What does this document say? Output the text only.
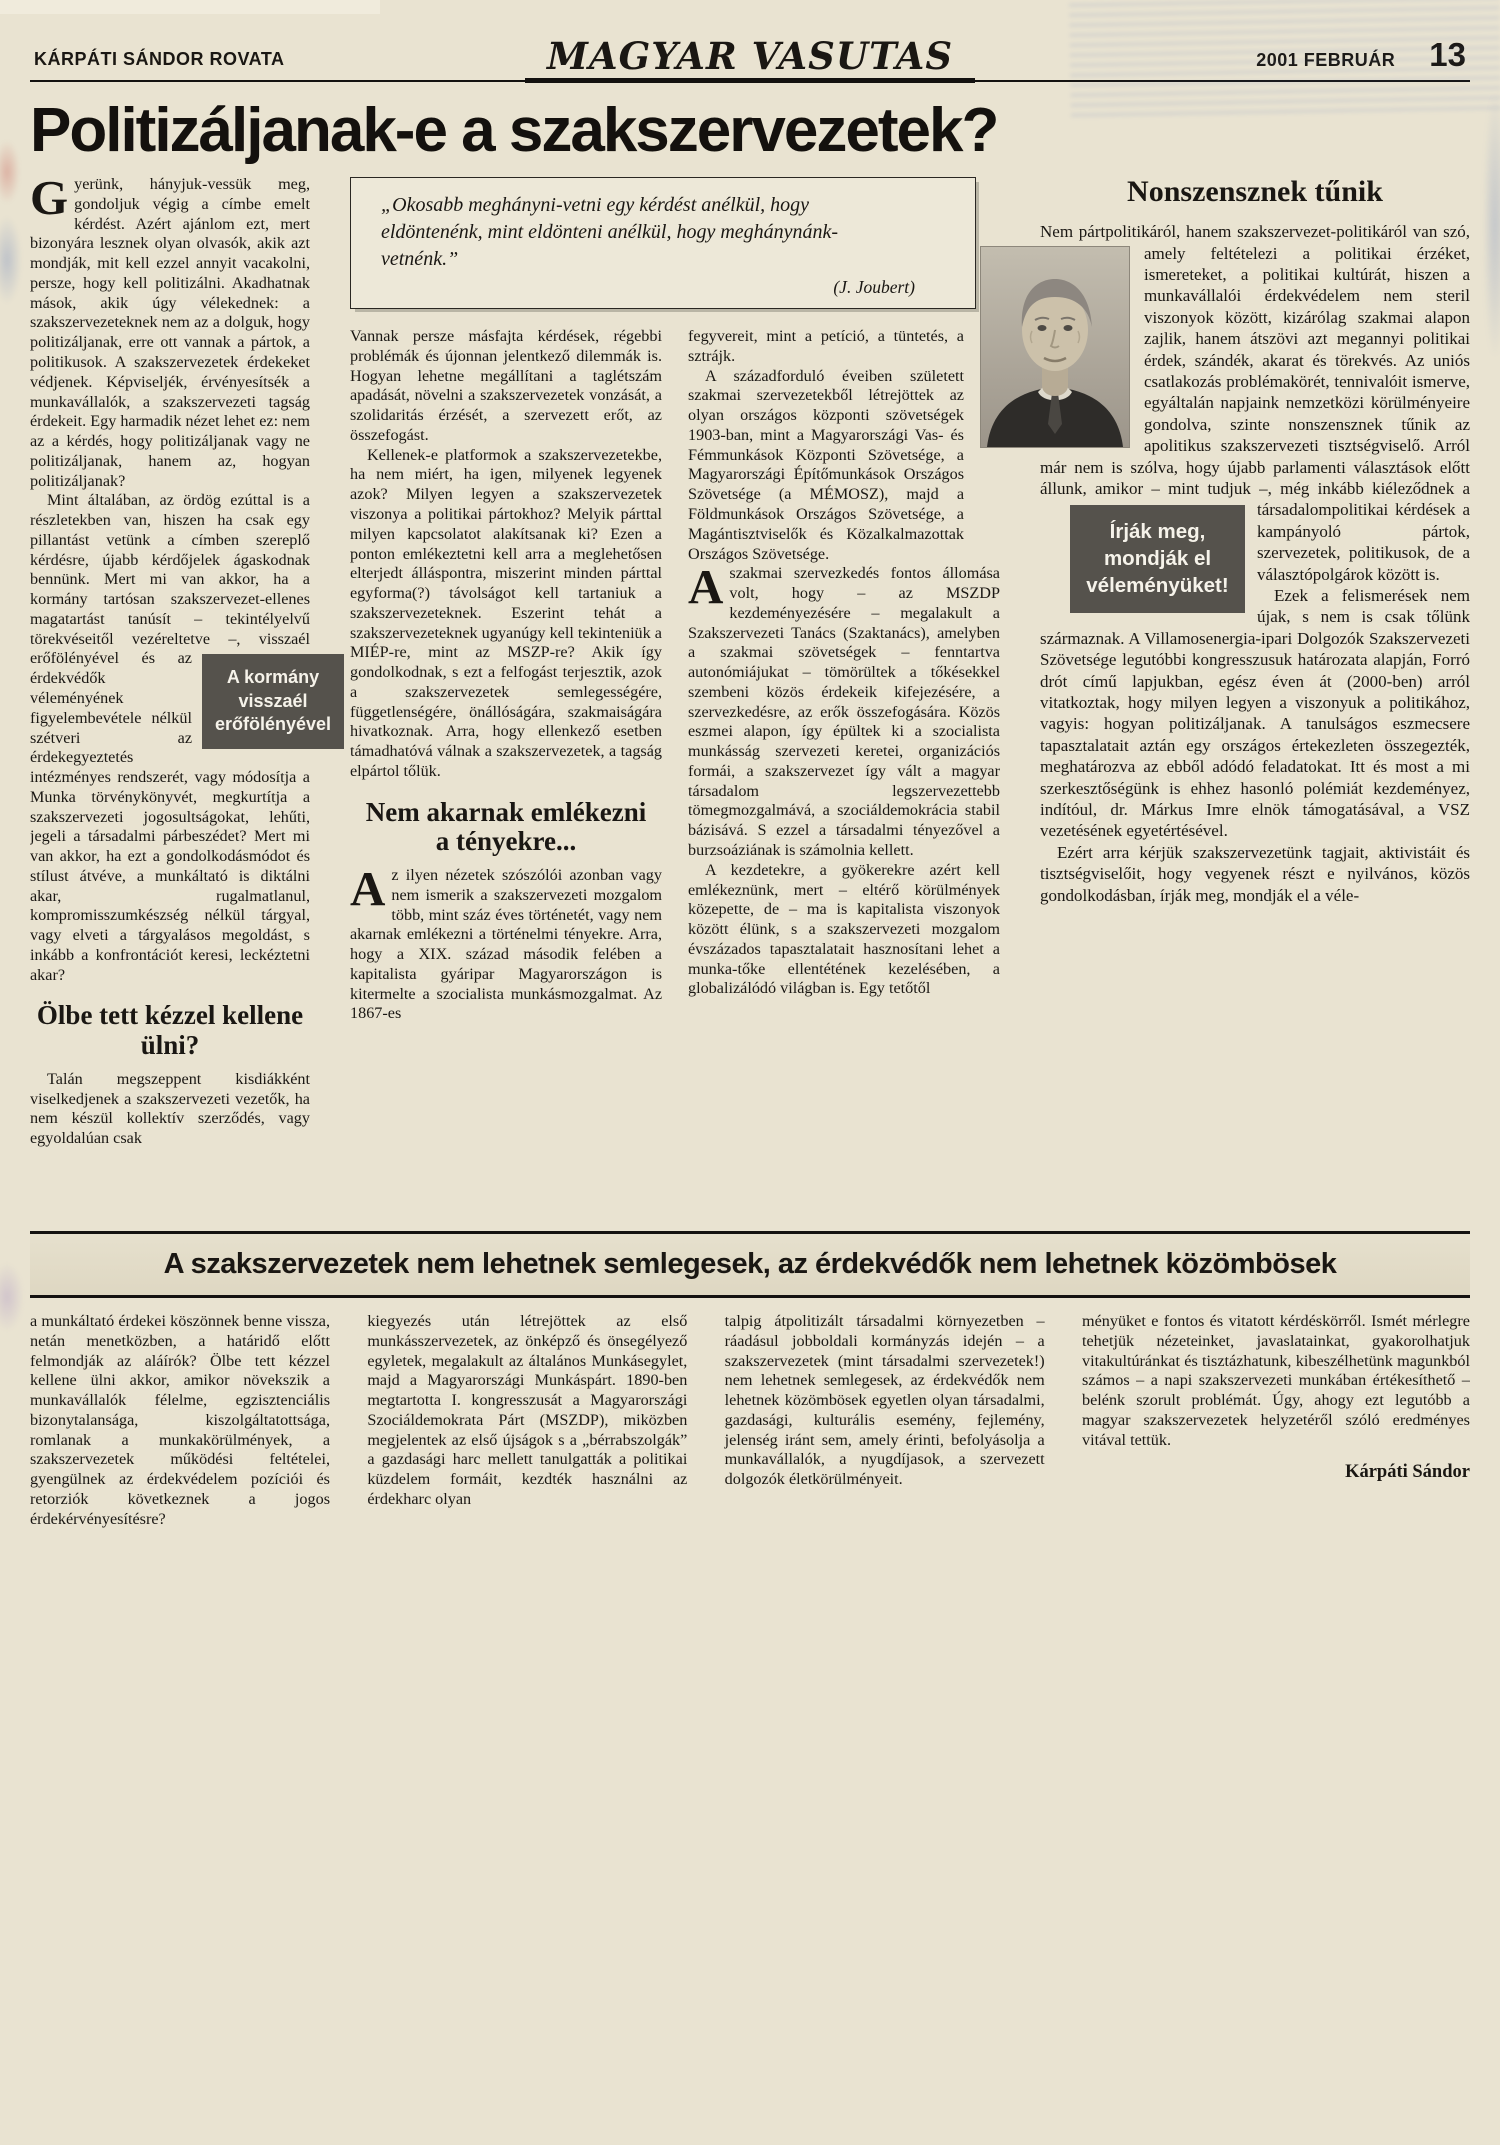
KÁRPÁTI SÁNDOR ROVATA	MAGYAR VASUTAS	2001 FEBRUÁR 13
Politizáljanak-e a szakszervezetek?

Gyerünk, hányjuk-vessük meg, gondoljuk végig a címbe emelt kérdést. Azért ajánlom ezt, mert bizonyára lesznek olyan olvasók, akik azt mondják, mit kell ezzel annyit vacakolni, persze, hogy kell politizálni. Akadhatnak mások, akik úgy vélekednek: a szakszervezeteknek nem az a dolguk, hogy politizáljanak, erre ott vannak a pártok, a politikusok. A szakszervezetek érdekeket védjenek. Képviseljék, érvényesítsék a munkavállalók, a szakszervezeti tagság érdekeit. Egy harmadik nézet lehet ez: nem az a kérdés, hogy politizáljanak vagy ne politizáljanak, hanem az, hogyan politizáljanak?

Mint általában, az ördög ezúttal is a részletekben van, hiszen ha csak egy pillantást vetünk a címben szereplő kérdésre, újabb kérdőjelek ágaskodnak bennünk. Mert mi van akkor, ha a kormány tartósan szakszervezet-ellenes magatartást tanúsít – tekintélyelvű törekvéseitől vezéreltetve –,
A kormány visszaél erőfölényével
visszaél erőfölényével és az érdekvédők véleményének figyelembevétele nélkül szétveri az érdekegyeztetés intézményes rendszerét, vagy módosítja a Munka törvénykönyvét, megkurtítja a szakszervezeti jogosultságokat, lehűti, jegeli a társadalmi párbeszédet? Mert mi van akkor, ha ezt a gondolkodásmódot és stílust átvéve, a munkáltató is diktálni akar, rugalmatlanul, kompromisszumkészség nélkül tárgyal, vagy elveti a tárgyalásos megoldást, s inkább a konfrontációt keresi, leckéztetni akar?

Ölbe tett kézzel kellene ülni?

Talán megszeppent kisdiákként viselkedjenek a szakszervezeti vezetők, ha nem készül kollektív szerződés, vagy egyoldalúan csak

„Okosabb meghányni-vetni egy kérdést anélkül, hogy eldöntenénk, mint eldönteni anélkül, hogy meghánynánk-vetnénk.”
(J. Joubert)

Vannak persze másfajta kérdések, régebbi problémák és újonnan jelentkező dilemmák is. Hogyan lehetne megállítani a taglétszám apadását, növelni a szakszervezetek vonzását, a szolidaritás érzését, a szervezett erőt, az összefogást.

Kellenek-e platformok a szakszervezetekbe, ha nem miért, ha igen, milyenek legyenek azok? Milyen legyen a szakszervezetek viszonya a politikai pártokhoz? Melyik párttal milyen kapcsolatot alakítsanak ki? Ezen a ponton emlékeztetni kell arra a meglehetősen elterjedt álláspontra, miszerint minden párttal egyforma(?) távolságot kell tartaniuk a szakszervezeteknek. Eszerint tehát a szakszervezeteknek ugyanúgy kell tekinteniük a MIÉP-re, mint az MSZP-re? Akik így gondolkodnak, s ezt a felfogást terjesztik, azok a szakszervezetek semlegességére, függetlenségére, önállóságára, szakmaiságára hivatkoznak. Arra, hogy ellenkező esetben támadhatóvá válnak a szakszervezetek, a tagság elpártol tőlük.

Nem akarnak emlékezni a tényekre...

Az ilyen nézetek szószólói azonban vagy nem ismerik a szakszervezeti mozgalom több, mint száz éves történetét, vagy nem akarnak emlékezni a történelmi tényekre. Arra, hogy a XIX. század második felében a kapitalista gyáripar Magyarországon is kitermelte a szocialista munkásmozgalmat. Az 1867-es

fegyvereit, mint a petíció, a tüntetés, a sztrájk.

A századforduló éveiben született szakmai szervezetekből létrejöttek az olyan országos központi szövetségek 1903-ban, mint a Magyarországi Vas- és Fémmunkások Központi Szövetsége, a Magyarországi Építőmunkások Országos Szövetsége (a MÉMOSZ), majd a Földmunkások Országos Szövetsége, a Magántisztviselők és Közalkalmazottak Országos Szövetsége.

Aszakmai szervezkedés fontos állomása volt, hogy – az MSZDP kezdeményezésére – megalakult a Szakszervezeti Tanács (Szaktanács), amelyben a szakmai szövetségek – fenntartva autonómiájukat – tömörültek a tőkésekkel szembeni közös érdekeik kifejezésére, a szervezkedésre, az erők összefogására. Közös eszmei alapon, így épültek ki a szocialista munkásság szervezeti keretei, organizációs formái, a szakszervezet így vált a magyar társadalom legszervezettebb tömegmozgalmává, a szociáldemokrácia stabil bázisává. S ezzel a társadalmi tényezővel a burzsoáziának is számolnia kellett.

A kezdetekre, a gyökerekre azért kell emlékeznünk, mert – eltérő körülmények közepette, de – ma is kapitalista viszonyok között élünk, s a szakszervezeti mozgalom évszázados tapasztalatait hasznosítani lehet a munka-tőke ellentétének kezelésében, a globalizálódó világban is. Egy tetőtől

Nonszensznek tűnik

Nem pártpolitikáról, hanem szakszervezet-politikáról van szó,
amely feltételezi a politikai érzéket, ismereteket, a politikai kultúrát, hiszen a munkavállalói érdekvédelem nem steril viszonyok között, kizárólag szakmai alapon zajlik, hanem átszövi azt megannyi politikai érdek, szándék, akarat és törekvés. Az uniós csatlakozás problémakörét, tennivalóit ismerve, egyáltalán napjaink nemzetközi körülményeire gondolva, szinte nonszensznek tűnik az apolitikus szakszervezeti tisztségviselő. Arról már nem is szólva, hogy újabb parlamenti választások előtt állunk, amikor – mint tudjuk –, még inkább kiéleződnek a társadalompolitikai kérdések
Írják meg, mondják el véleményüket!
a kampányoló pártok, szervezetek, politikusok, de a választópolgárok között is.

Ezek a felismerések nem újak, s nem is csak tőlünk származnak. A Villamosenergia-ipari Dolgozók Szakszervezeti Szövetsége legutóbbi kongresszusuk határozata alapján, Forró drót című lapjukban, egész éven át (2000-ben) arról vitatkoztak, hogy milyen legyen a viszonyuk a politikához, vagyis: hogyan politizáljanak. A tanulságos eszmecsere tapasztalatait aztán egy országos értekezleten összegezték, meghatározva az ebből adódó feladatokat. Itt és most a mi szerkesztőségünk is ehhez hasonló polémiát kezdeményez, indítóul, dr. Márkus Imre elnök támogatásával, a VSZ vezetésének egyetértésével.

Ezért arra kérjük szakszervezetünk tagjait, aktivistáit és tisztségviselőit, hogy vegyenek részt e nyilvános, közös gondolkodásban, írják meg, mondják el a véle-

A szakszervezetek nem lehetnek semlegesek, az érdekvédők nem lehetnek közömbösek

a munkáltató érdekei köszönnek benne vissza, netán menetközben, a határidő előtt felmondják az aláírók? Ölbe tett kézzel kellene ülni akkor, amikor növekszik a munkavállalók félelme, egzisztenciális bizonytalansága, kiszolgáltatottsága, romlanak a munkakörülmények, a szakszervezetek működési feltételei, gyengülnek az érdekvédelem pozíciói és retorziók következnek a jogos érdekérvényesítésre?

kiegyezés után létrejöttek az első munkásszervezetek, az önképző és önsegélyező egyletek, megalakult az általános Munkásegylet, majd a Magyarországi Munkáspárt. 1890-ben megtartotta I. kongresszusát a Magyarországi Szociáldemokrata Párt (MSZDP), miközben megjelentek az első újságok s a „bérrabszolgák” a gazdasági harc mellett tanulgatták a politikai küzdelem formáit, kezdték használni az érdekharc olyan

talpig átpolitizált társadalmi környezetben – ráadásul jobboldali kormányzás idején – a szakszervezetek (mint társadalmi szervezetek!) nem lehetnek semlegesek, az érdekvédők nem lehetnek közömbösek egyetlen olyan társadalmi, gazdasági, kulturális esemény, fejlemény, jelenség iránt sem, amely érinti, befolyásolja a munkavállalók, a nyugdíjasok, a szervezett dolgozók életkörülményeit.

ményüket e fontos és vitatott kérdéskörről. Ismét mérlegre tehetjük nézeteinket, javaslatainkat, gyakorolhatjuk vitakultúránkat és tisztázhatunk, kibeszélhetünk magunkból számos – a napi szakszervezeti munkában értékesíthető – belénk szorult problémát. Úgy, ahogy ezt legutóbb a magyar szakszervezetek helyzetéről szóló eredményes vitával tettük.

Kárpáti Sándor
